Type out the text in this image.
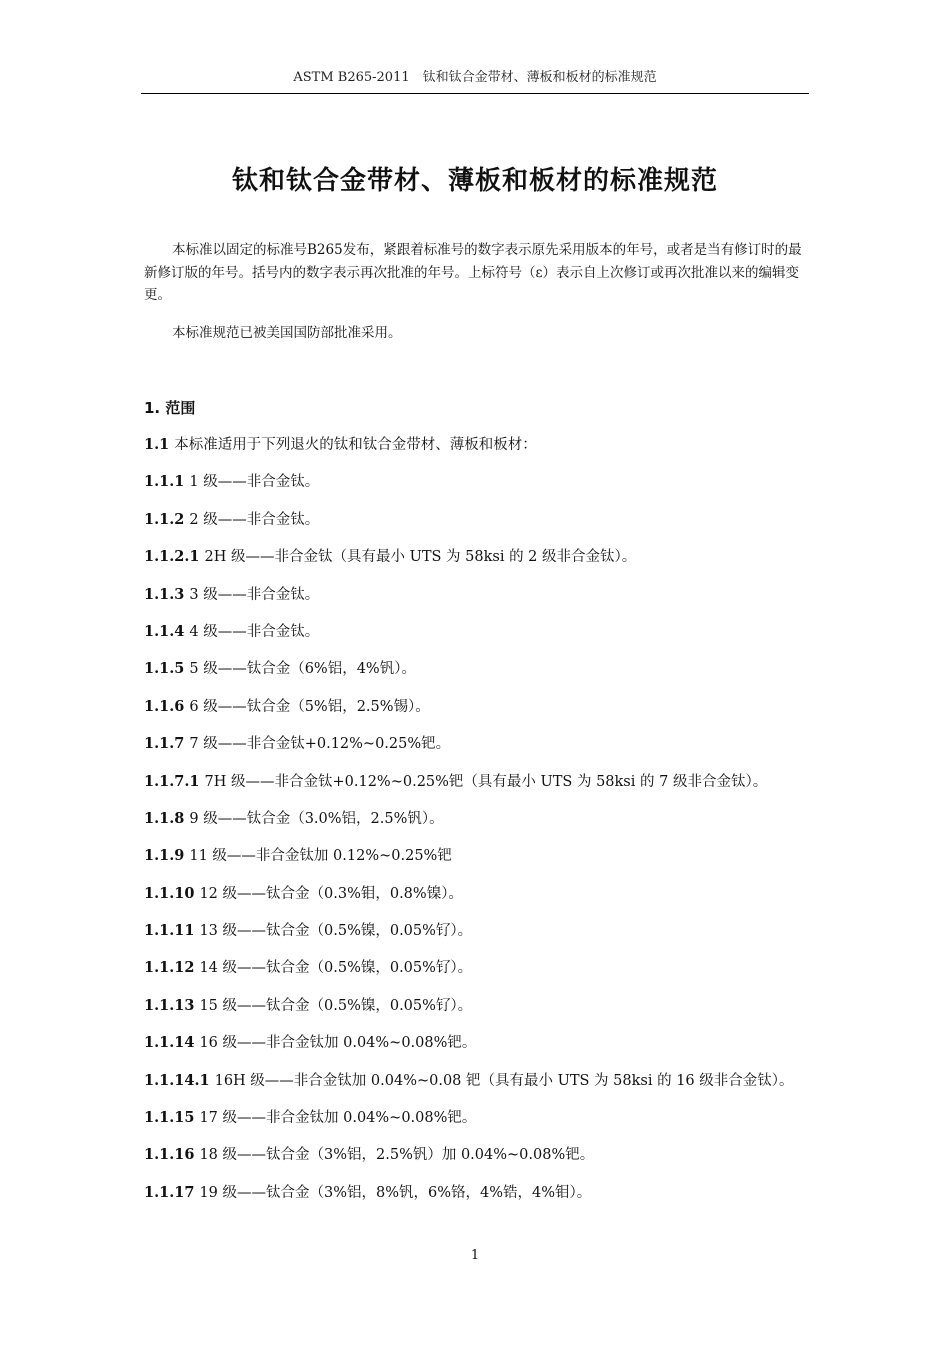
ASTM B265-2011　钛和钛合金带材、薄板和板材的标准规范
钛和钛合金带材、薄板和板材的标准规范

本标准以固定的标准号B265发布，紧跟着标准号的数字表示原先采用版本的年号，或者是当有修订时的最新修订版的年号。括号内的数字表示再次批准的年号。上标符号（ε）表示自上次修订或再次批准以来的编辑变更。

本标准规范已被美国国防部批准采用。

1. 范围
1.1 本标准适用于下列退火的钛和钛合金带材、薄板和板材：
1.1.1 1 级——非合金钛。
1.1.2 2 级——非合金钛。
1.1.2.1 2H 级——非合金钛（具有最小 UTS 为 58ksi 的 2 级非合金钛）。
1.1.3 3 级——非合金钛。
1.1.4 4 级——非合金钛。
1.1.5 5 级——钛合金（6%铝，4%钒）。
1.1.6 6 级——钛合金（5%铝，2.5%锡）。
1.1.7 7 级——非合金钛+0.12%~0.25%钯。
1.1.7.1 7H 级——非合金钛+0.12%~0.25%钯（具有最小 UTS 为 58ksi 的 7 级非合金钛）。
1.1.8 9 级——钛合金（3.0%铝，2.5%钒）。
1.1.9 11 级——非合金钛加 0.12%~0.25%钯
1.1.10 12 级——钛合金（0.3%钼，0.8%镍）。
1.1.11 13 级——钛合金（0.5%镍，0.05%钌）。
1.1.12 14 级——钛合金（0.5%镍，0.05%钌）。
1.1.13 15 级——钛合金（0.5%镍，0.05%钌）。
1.1.14 16 级——非合金钛加 0.04%~0.08%钯。
1.1.14.1 16H 级——非合金钛加 0.04%~0.08 钯（具有最小 UTS 为 58ksi 的 16 级非合金钛）。
1.1.15 17 级——非合金钛加 0.04%~0.08%钯。
1.1.16 18 级——钛合金（3%铝，2.5%钒）加 0.04%~0.08%钯。
1.1.17 19 级——钛合金（3%铝，8%钒，6%铬，4%锆，4%钼）。
1
